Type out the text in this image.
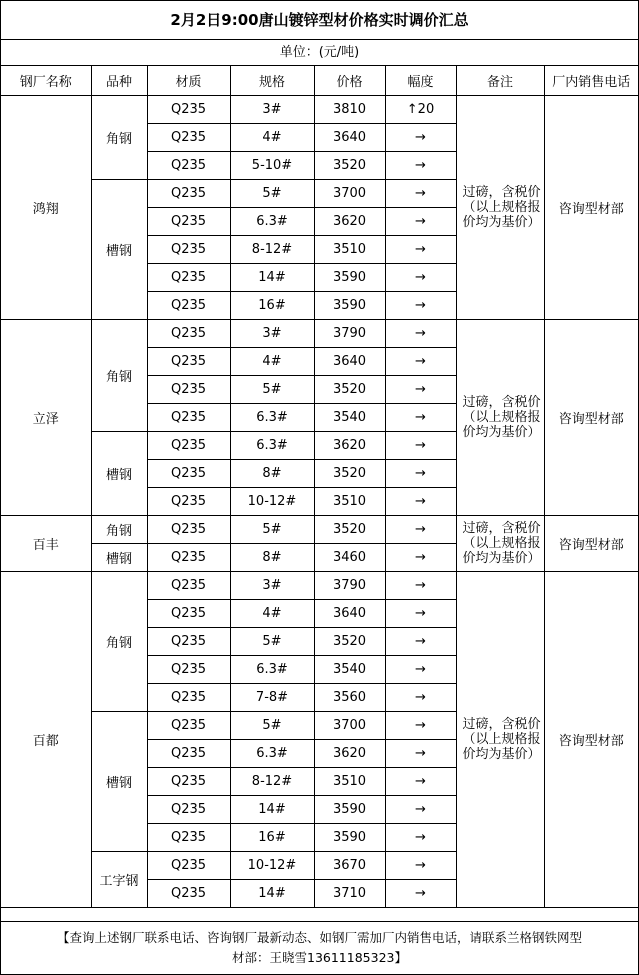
2月2日9:00唐山镀锌型材价格实时调价汇总
单位：(元/吨)
钢厂名称	品种	材质	规格	价格	幅度	备注	厂内销售电话
鸿翔	角钢	Q235	3#	3810	↑20	过磅，含税价（以上规格报价均为基价）	咨询型材部
		Q235	4#	3640	→		
		Q235	5-10#	3520	→		
	槽钢	Q235	5#	3700	→		
		Q235	6.3#	3620	→		
		Q235	8-12#	3510	→		
		Q235	14#	3590	→		
		Q235	16#	3590	→		
立泽	角钢	Q235	3#	3790	→	过磅，含税价（以上规格报价均为基价）	咨询型材部
		Q235	4#	3640	→		
		Q235	5#	3520	→		
		Q235	6.3#	3540	→		
	槽钢	Q235	6.3#	3620	→		
		Q235	8#	3520	→		
		Q235	10-12#	3510	→		
百丰	角钢	Q235	5#	3520	→	过磅，含税价（以上规格报价均为基价）	咨询型材部
	槽钢	Q235	8#	3460	→		
百都	角钢	Q235	3#	3790	→	过磅，含税价（以上规格报价均为基价）	咨询型材部
		Q235	4#	3640	→		
		Q235	5#	3520	→		
		Q235	6.3#	3540	→		
		Q235	7-8#	3560	→		
	槽钢	Q235	5#	3700	→		
		Q235	6.3#	3620	→		
		Q235	8-12#	3510	→		
		Q235	14#	3590	→		
		Q235	16#	3590	→		
	工字钢	Q235	10-12#	3670	→		
		Q235	14#	3710	→		
【查询上述钢厂联系电话、咨询钢厂最新动态、如钢厂需加厂内销售电话，请联系兰格钢铁网型
材部：王晓雪13611185323】
